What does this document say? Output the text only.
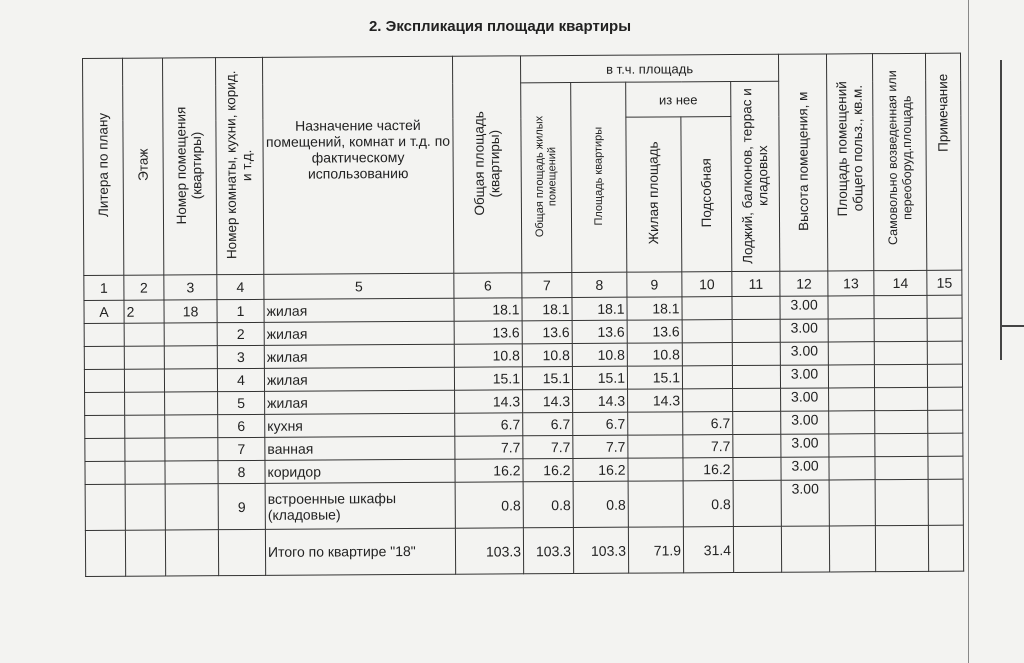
2. Экспликация площади квартиры
Литера по плану	Этаж	Номер помещения (квартиры)	Номер комнаты, кухни, корид. и т.д.	Назначение частей помещений, комнат и т.д. по фактическому использованию	Общая площадь (квартиры)	в т.ч. площадь					Высота помещения, м	Площадь помещений общего польз., кв.м.	Самовольно возведенная или переоборуд.площадь	Примечание
						Общая площадь жилых помещений	Площадь квартиры	из нее		Лоджий, балконов, террас и кладовых				
								Жилая площадь	Подсобная					
1	2	3	4	5	6	7	8	9	10	11	12	13	14	15
А	2	18	1	жилая	18.1	18.1	18.1	18.1			3.00			
			2	жилая	13.6	13.6	13.6	13.6			3.00			
			3	жилая	10.8	10.8	10.8	10.8			3.00			
			4	жилая	15.1	15.1	15.1	15.1			3.00			
			5	жилая	14.3	14.3	14.3	14.3			3.00			
			6	кухня	6.7	6.7	6.7		6.7		3.00			
			7	ванная	7.7	7.7	7.7		7.7		3.00			
			8	коридор	16.2	16.2	16.2		16.2		3.00			
			9	встроенные шкафы (кладовые)	0.8	0.8	0.8		0.8		3.00			
				Итого по квартире "18"	103.3	103.3	103.3	71.9	31.4					
